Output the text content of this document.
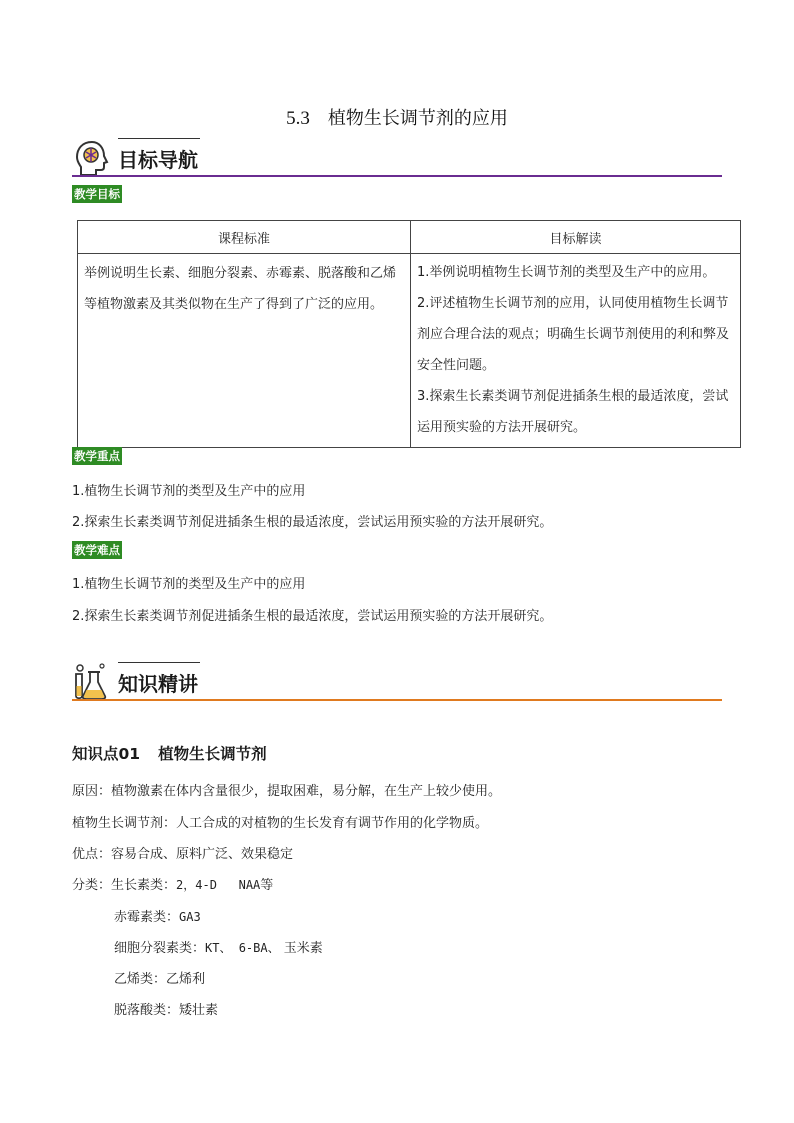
5.3 植物生长调节剂的应用
目标导航
教学目标
课程标准	目标解读
举例说明生长素、细胞分裂素、赤霉素、脱落酸和乙烯等植物激素及其类似物在生产了得到了广泛的应用。	1.举例说明植物生长调节剂的类型及生产中的应用。

2.评述植物生长调节剂的应用，认同使用植物生长调节剂应合理合法的观点；明确生长调节剂使用的利和弊及安全性问题。

3.探索生长素类调节剂促进插条生根的最适浓度，尝试运用预实验的方法开展研究。

教学重点
1.植物生长调节剂的类型及生产中的应用
2.探索生长素类调节剂促进插条生根的最适浓度，尝试运用预实验的方法开展研究。
教学难点
1.植物生长调节剂的类型及生产中的应用
2.探索生长素类调节剂促进插条生根的最适浓度，尝试运用预实验的方法开展研究。
知识精讲
知识点01 植物生长调节剂
原因：植物激素在体内含量很少，提取困难，易分解，在生产上较少使用。
植物生长调节剂：人工合成的对植物的生长发育有调节作用的化学物质。
优点：容易合成、原料广泛、效果稳定
分类：生长素类：2，4-D   NAA等
赤霉素类：GA3
细胞分裂素类：KT、 6-BA、 玉米素
乙烯类：乙烯利
脱落酸类：矮壮素
